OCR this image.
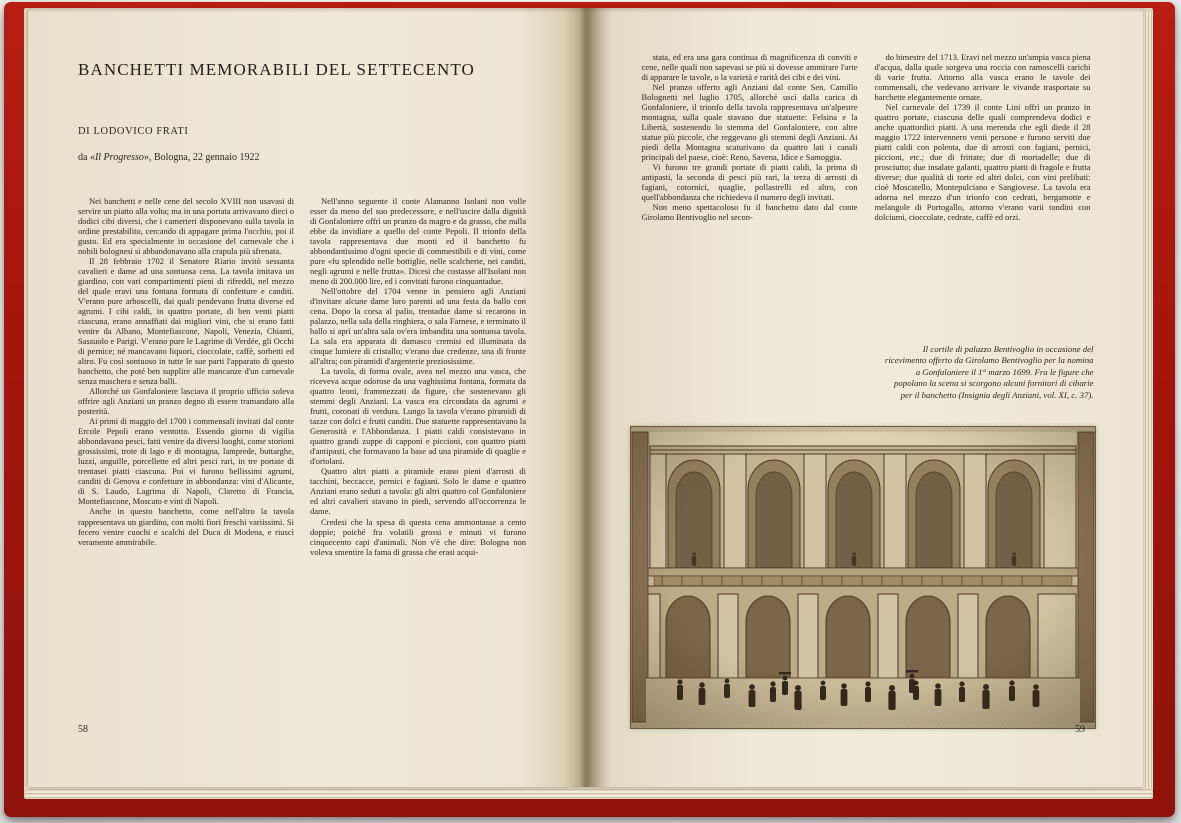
BANCHETTI MEMORABILI DEL SETTECENTO
DI LODOVICO FRATI
da «Il Progresso», Bologna, 22 gennaio 1922

Nei banchetti e nelle cene del secolo XVIII non usavasi di servire un piatto alla volta; ma in una portata arrivavano dieci o dodici cibi diversi, che i camerieri disponevano sulla tavola in ordine prestabilito, cercando di appagare prima l'occhio, poi il gusto. Ed era specialmente in occasione del carnevale che i nobili bolognesi si abbandonavano alla crapula più sfrenata.

Il 28 febbraio 1702 il Senatore Riario invitò sessanta cavalieri e dame ad una sontuosa cena. La tavola imitava un giardino, con vari compartimenti pieni di rifreddi, nel mezzo del quale eravi una fontana formata di confetture e canditi. V'erano pure arboscelli, dai quali pendevano frutta diverse ed agrumi. I cibi caldi, in quattro portate, di ben venti piatti ciascuna, erano annaffiati dai migliori vini, che si erano fatti venire da Albano, Montefiascone, Napoli, Venezia, Chianti, Sassuolo e Parigi. V'erano pure le Lagrime di Verdée, gli Occhi di pernice; né mancavano liquori, cioccolate, caffè, sorbetti ed altro. Fu così sontuoso in tutte le sue parti l'apparato di questo banchetto, che poté ben supplire alle mancanze d'un carnevale senza maschera e senza balli.

Allorché un Gonfaloniere lasciava il proprio ufficio soleva offrire agli Anziani un pranzo degno di essere tramandato alla posterità.

Ai primi di maggio del 1700 i commensali invitati dal conte Ercole Pepoli erano ventotto. Essendo giorno di vigilia abbondavano pesci, fatti venire da diversi luoghi, come storioni grossissimi, trote di lago e di montagna, lamprede, buttarghe, luzzi, anguille, porcellette ed altri pesci rari, in tre portate di trentasei piatti ciascuna. Poi vi furono bellissimi agrumi, canditi di Genova e confetture in abbondanza: vini d'Alicante, di S. Laudo, Lagrima di Napoli, Claretto di Francia, Montefiascone, Moscato e vini di Napoli.

Anche in questo banchetto, come nell'altro la tavola rappresentava un giardino, con molti fiori freschi variissimi. Si fecero venire cuochi e scalchi del Duca di Modena, e riuscì veramente ammirabile.

Nell'anno seguente il conte Alamanno Isolani non volle esser da meno del suo predecessore, e nell'uscire dalla dignità di Gonfaloniere offrì un pranzo da magro e da grasso, che nulla ebbe da invidiare a quello del conte Pepoli. Il trionfo della tavola rappresentava due monti ed il banchetto fu abbondantissimo d'ogni specie di commestibili e di vini, come pure «fu splendido nelle bottiglie, nelle scalcherie, nei canditi, negli agrumi e nelle frutta». Dicesi che costasse all'Isolani non meno di 200.000 lire, ed i convitati furono cinquantadue.

Nell'ottobre del 1704 venne in pensiero agli Anziani d'invitare alcune dame loro parenti ad una festa da ballo con cena. Dopo la corsa al palio, trentadue dame si recarono in palazzo, nella sala della ringhiera, o sala Farnese, e terminato il ballo si aprì un'altra sala ov'era imbandita una sontuosa tavola. La sala era apparata di damasco cremisi ed illuminata da cinque lumiere di cristallo; v'erano due credenze, una di fronte all'altra; con piramidi d'argenterie preziosissime.

La tavola, di forma ovale, avea nel mezzo una vasca, che riceveva acque odorose da una vaghissima fontana, formata da quattro leoni, frammezzati da figure, che sostenevano gli stemmi degli Anziani. La vasca era circondata da agrumi e frutti, coronati di verdura. Lungo la tavola v'erano piramidi di tazze con dolci e frutti canditi. Due statuette rappresentavano la Generosità e l'Abbondanza. I piatti caldi consistevano in quattro grandi zuppe di capponi e piccioni, con quattro piatti d'antipasti, che formavano la base ad una piramide di quaglie e d'ortolani.

Quattro altri piatti a piramide erano pieni d'arrosti di tacchini, beccacce, pernici e fagiani. Solo le dame e quattro Anziani erano seduti a tavola: gli altri quattro col Gonfaloniere ed altri cavalieri stavano in piedi, servendo all'occorrenza le dame.

Credesi che la spesa di questa cena ammontasse a cento doppie; poiché fra volatili grossi e minuti vi furono cinquecento capi d'animali. Non v'è che dire: Bologna non voleva smentire la fama di grassa che erasi acqui-

58

stata, ed era una gara continua di magnificenza di conviti e cene, nelle quali non sapevasi se più si dovesse ammirare l'arte di apparare le tavole, o la varietà e rarità dei cibi e dei vini.

Nel pranzo offerto agli Anziani dal conte Sen. Camillo Bolognetti nel luglio 1705, allorché uscì dalla carica di Gonfaloniere, il trionfo della tavola rappresentava un'alpestre montagna, sulla quale stavano due statuette: Felsina e la Libertà, sostenendo lo stemma del Gonfaloniere, con altre statue più piccole, che reggevano gli stemmi degli Anziani. Ai piedi della Montagna scaturivano da quattro lati i canali principali del paese, cioè: Reno, Savena, Idice e Samoggia.

Vi furono tre grandi portate di piatti caldi, la prima di antipasti, la seconda di pesci più rari, la terza di arrosti di fagiani, cotornici, quaglie, pollastrelli ed altro, con quell'abbondanza che richiedeva il numero degli invitati.

Non meno spettacoloso fu il banchetto dato dal conte Girolamo Bentivoglio nel secon-

do bimestre del 1713. Eravi nel mezzo un'ampia vasca piena d'acqua, dalla quale sorgeva una roccia con ramoscelli carichi di varie frutta. Attorno alla vasca erano le tavole dei commensali, che vedevano arrivare le vivande trasportate su barchette elegantemente ornate.

Nel carnevale del 1739 il conte Lini offrì un pranzo in quattro portate, ciascuna delle quali comprendeva dodici e anche quattordici piatti. A una merenda che egli diede il 28 maggio 1722 intervennero venti persone e furono serviti due piatti caldi con polenta, due di arrosti con fagiani, pernici, piccioni, etc.; due di frittate; due di mortadelle; due di prosciutto; due insalate galanti, quattro piatti di fragole e frutta diverse; due qualità di torte ed altri dolci, con vini prelibati: cioè Moscatello, Montepulciano e Sangiovese. La tavola era adorna nel mezzo d'un trionfo con cedrati, bergamotte e melangole di Portogallo, attorno v'erano varii tondini con dolciumi, cioccolate, cedrate, caffè ed orzi.

Il cortile di palazzo Bentivoglio in occasione del ricevimento offerto da Girolamo Bentivoglio per la nomina a Gonfaloniere il 1° marzo 1699. Fra le figure che popolano la scena si scorgono alcuni fornitori di cibarie per il banchetto (Insignia degli Anziani, vol. XI, c. 37).
59
